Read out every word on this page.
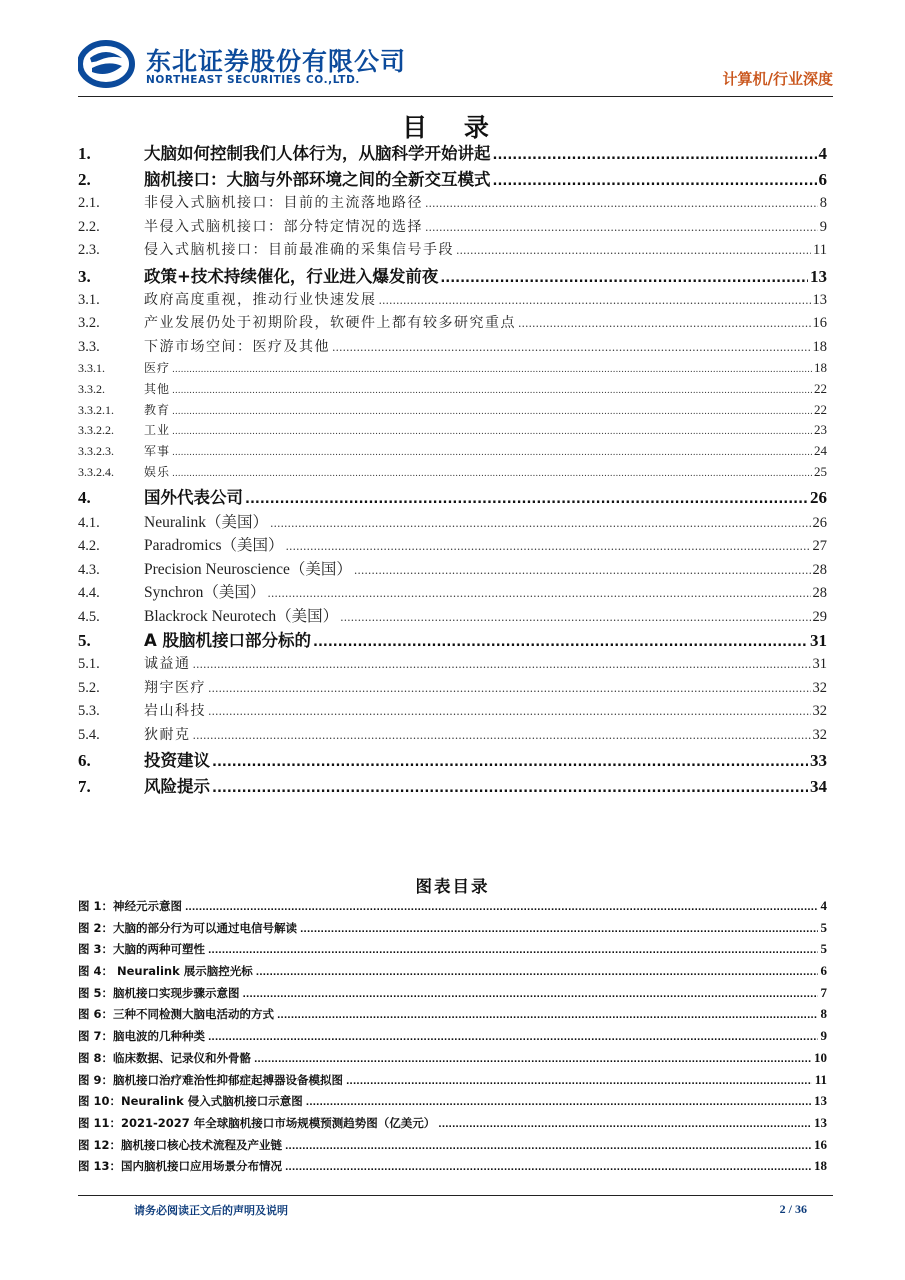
东北证券股份有限公司
NORTHEAST SECURITIES CO.,LTD.	计算机/行业深度
目 录
1.	大脑如何控制我们人体行为，从脑科学开始讲起 .....	4
2.	脑机接口：大脑与外部环境之间的全新交互模式 .....	6
2.1.	非侵入式脑机接口：目前的主流落地路径 .....	8
2.2.	半侵入式脑机接口：部分特定情况的选择 .....	9
2.3.	侵入式脑机接口：目前最准确的采集信号手段 .....	11
3.	政策+技术持续催化，行业进入爆发前夜 .....	13
3.1.	政府高度重视，推动行业快速发展 .....	13
3.2.	产业发展仍处于初期阶段，软硬件上都有较多研究重点 .....	16
3.3.	下游市场空间：医疗及其他 .....	18
3.3.1.	医疗 .....	18
3.3.2.	其他 .....	22
3.3.2.1.	教育 .....	22
3.3.2.2.	工业 .....	23
3.3.2.3.	军事 .....	24
3.3.2.4.	娱乐 .....	25
4.	国外代表公司 .....	26
4.1.	Neuralink（美国） .....	26
4.2.	Paradromics（美国） .....	27
4.3.	Precision Neuroscience（美国） .....	28
4.4.	Synchron（美国） .....	28
4.5.	Blackrock Neurotech（美国） .....	29
5.	A 股脑机接口部分标的 .....	31
5.1.	诚益通 .....	31
5.2.	翔宇医疗 .....	32
5.3.	岩山科技 .....	32
5.4.	狄耐克 .....	32
6.	投资建议 .....	33
7.	风险提示 .....	34
图表目录
图 1：神经元示意图 .....	4
图 2：大脑的部分行为可以通过电信号解读 .....	5
图 3：大脑的两种可塑性 .....	5
图 4： Neuralink 展示脑控光标 .....	6
图 5：脑机接口实现步骤示意图 .....	7
图 6：三种不同检测大脑电活动的方式 .....	8
图 7：脑电波的几种种类 .....	9
图 8：临床数据、记录仪和外骨骼 .....	10
图 9：脑机接口治疗难治性抑郁症起搏器设备模拟图 .....	11
图 10：Neuralink 侵入式脑机接口示意图 .....	13
图 11：2021-2027 年全球脑机接口市场规模预测趋势图（亿美元） .....	13
图 12：脑机接口核心技术流程及产业链 .....	16
图 13：国内脑机接口应用场景分布情况 .....	18
请务必阅读正文后的声明及说明	2 / 36
